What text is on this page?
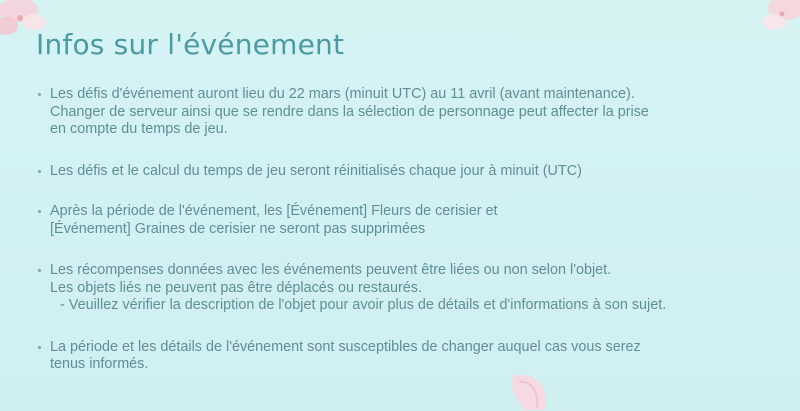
Infos sur l'événement
Les défis d'événement auront lieu du 22 mars (minuit UTC) au 11 avril (avant maintenance).
Changer de serveur ainsi que se rendre dans la sélection de personnage peut affecter la prise
en compte du temps de jeu.
Les défis et le calcul du temps de jeu seront réinitialisés chaque jour à minuit (UTC)
Après la période de l'événement, les [Événement] Fleurs de cerisier et
[Événement] Graines de cerisier ne seront pas supprimées
Les récompenses données avec les événements peuvent être liées ou non selon l'objet.
Les objets liés ne peuvent pas être déplacés ou restaurés.
- Veuillez vérifier la description de l'objet pour avoir plus de détails et d'informations à son sujet.
La période et les détails de l'événement sont susceptibles de changer auquel cas vous serez
tenus informés.
